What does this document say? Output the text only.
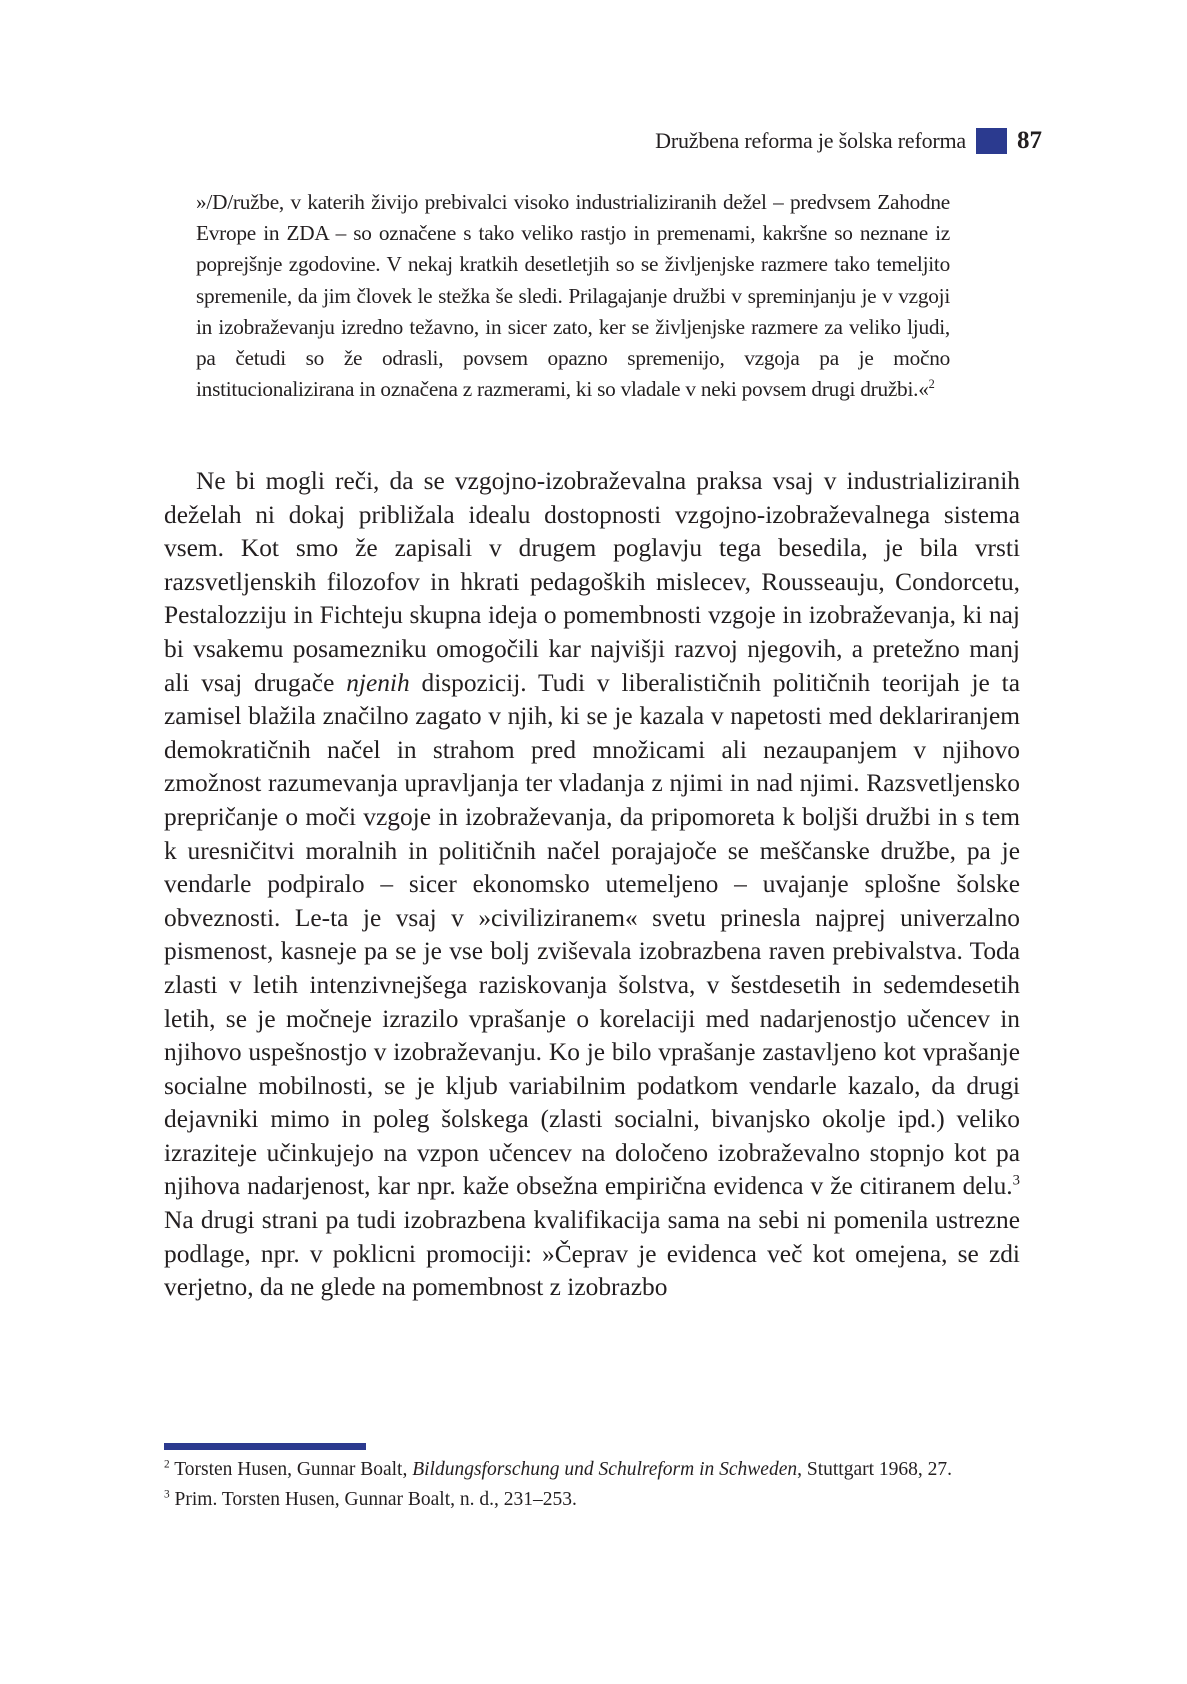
Družbena reforma je šolska reforma 87
»/D/ružbe, v katerih živijo prebivalci visoko industrializiranih dežel – predvsem Zahodne Evrope in ZDA – so označene s tako veliko rastjo in premenami, kakršne so neznane iz poprejšnje zgodovine. V nekaj kratkih desetletjih so se življenjske razmere tako temeljito spremenile, da jim človek le stežka še sledi. Prilagajanje družbi v spreminjanju je v vzgoji in izobraževanju izredno težavno, in sicer zato, ker se življenjske razmere za veliko ljudi, pa četudi so že odrasli, povsem opazno spremenijo, vzgoja pa je močno institucionalizirana in označena z razmerami, ki so vladale v neki povsem drugi družbi.«$^2$

Ne bi mogli reči, da se vzgojno-izobraževalna praksa vsaj v industrializiranih deželah ni dokaj približala idealu dostopnosti vzgojno-izobraževalnega sistema vsem. Kot smo že zapisali v drugem poglavju tega besedila, je bila vrsti razsvetljenskih filozofov in hkrati pedagoških mislecev, Rousseauju, Condorcetu, Pestalozziju in Fichteju skupna ideja o pomembnosti vzgoje in izobraževanja, ki naj bi vsakemu posamezniku omogočili kar najvišji razvoj njegovih, a pretežno manj ali vsaj drugače njenih dispozicij. Tudi v liberalističnih političnih teorijah je ta zamisel blažila značilno zagato v njih, ki se je kazala v napetosti med deklariranjem demokratičnih načel in strahom pred množicami ali nezaupanjem v njihovo zmožnost razumevanja upravljanja ter vladanja z njimi in nad njimi. Razsvetljensko prepričanje o moči vzgoje in izobraževanja, da pripomoreta k boljši družbi in s tem k uresničitvi moralnih in političnih načel porajajoče se meščanske družbe, pa je vendarle podpiralo – sicer ekonomsko utemeljeno – uvajanje splošne šolske obveznosti. Le-ta je vsaj v »civiliziranem« svetu prinesla najprej univerzalno pismenost, kasneje pa se je vse bolj zviševala izobrazbena raven prebivalstva. Toda zlasti v letih intenzivnejšega raziskovanja šolstva, v šestdesetih in sedemdesetih letih, se je močneje izrazilo vprašanje o korelaciji med nadarjenostjo učencev in njihovo uspešnostjo v izobraževanju. Ko je bilo vprašanje zastavljeno kot vprašanje socialne mobilnosti, se je kljub variabilnim podatkom vendarle kazalo, da drugi dejavniki mimo in poleg šolskega (zlasti socialni, bivanjsko okolje ipd.) veliko izraziteje učinkujejo na vzpon učencev na določeno izobraževalno stopnjo kot pa njihova nadarjenost, kar npr. kaže obsežna empirična evidenca v že citiranem delu.$^3$ Na drugi strani pa tudi izobrazbena kvalifikacija sama na sebi ni pomenila ustrezne podlage, npr. v poklicni promociji: »Čeprav je evidenca več kot omejena, se zdi verjetno, da ne glede na pomembnost z izobrazbo

$^2$ Torsten Husen, Gunnar Boalt, Bildungsforschung und Schulreform in Schweden, Stuttgart 1968, 27.

$^3$ Prim. Torsten Husen, Gunnar Boalt, n. d., 231–253.
